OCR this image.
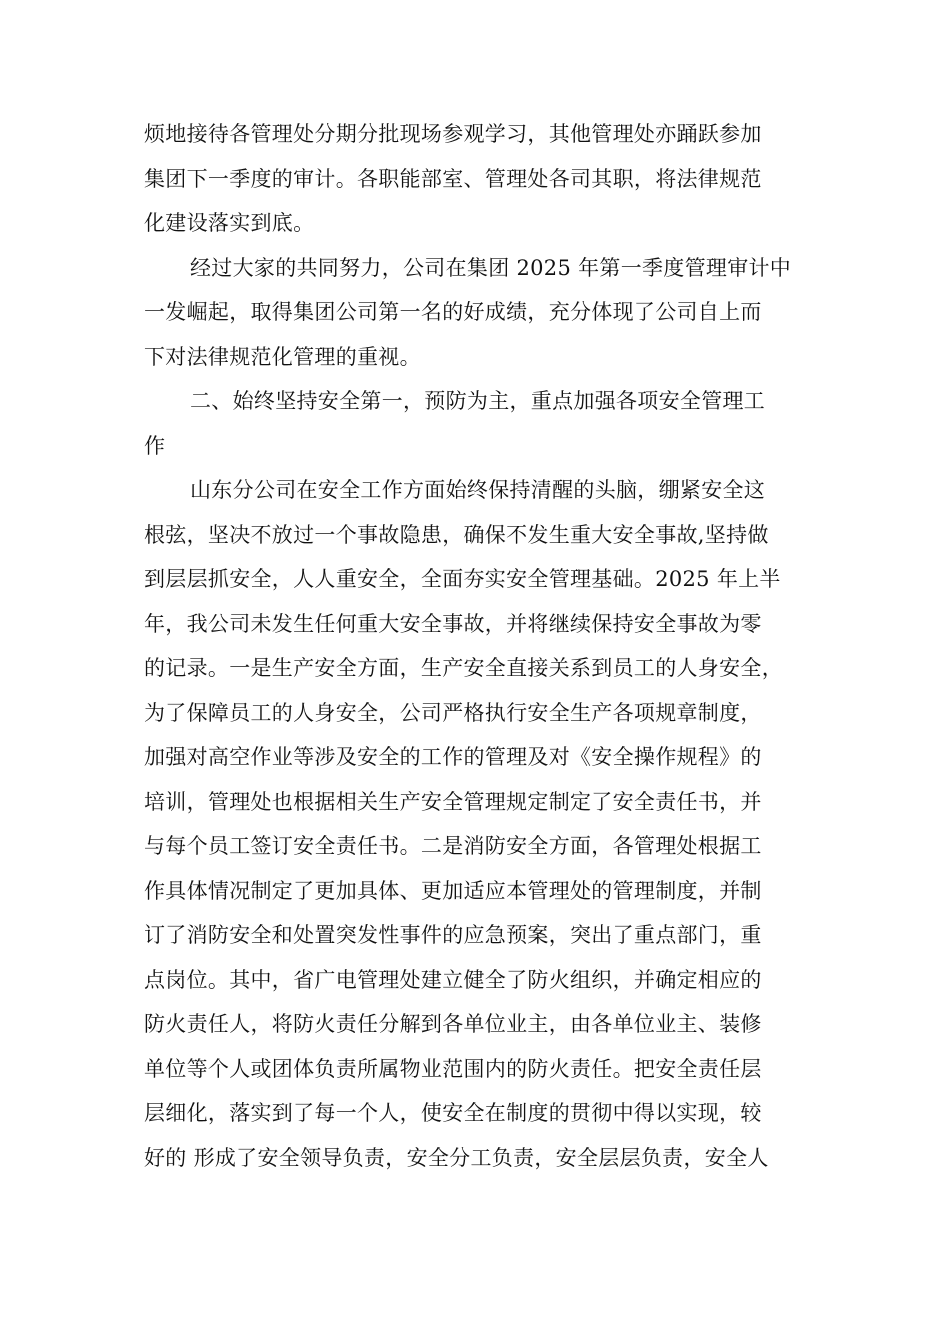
烦地接待各管理处分期分批现场参观学习，其他管理处亦踊跃参加
集团下一季度的审计。各职能部室、管理处各司其职，将法律规范
化建设落实到底。
经过大家的共同努力，公司在集团 2025 年第一季度管理审计中
一发崛起，取得集团公司第一名的好成绩，充分体现了公司自上而
下对法律规范化管理的重视。
二、始终坚持安全第一，预防为主，重点加强各项安全管理工
作
山东分公司在安全工作方面始终保持清醒的头脑，绷紧安全这
根弦，坚决不放过一个事故隐患，确保不发生重大安全事故,坚持做
到层层抓安全，人人重安全，全面夯实安全管理基础。2025 年上半
年，我公司未发生任何重大安全事故，并将继续保持安全事故为零
的记录。一是生产安全方面，生产安全直接关系到员工的人身安全，
为了保障员工的人身安全，公司严格执行安全生产各项规章制度，
加强对高空作业等涉及安全的工作的管理及对《安全操作规程》的
培训，管理处也根据相关生产安全管理规定制定了安全责任书，并
与每个员工签订安全责任书。二是消防安全方面，各管理处根据工
作具体情况制定了更加具体、更加适应本管理处的管理制度，并制
订了消防安全和处置突发性事件的应急预案，突出了重点部门，重
点岗位。其中，省广电管理处建立健全了防火组织，并确定相应的
防火责任人，将防火责任分解到各单位业主，由各单位业主、装修
单位等个人或团体负责所属物业范围内的防火责任。把安全责任层
层细化，落实到了每一个人，使安全在制度的贯彻中得以实现，较
好的 形成了安全领导负责，安全分工负责，安全层层负责，安全人
